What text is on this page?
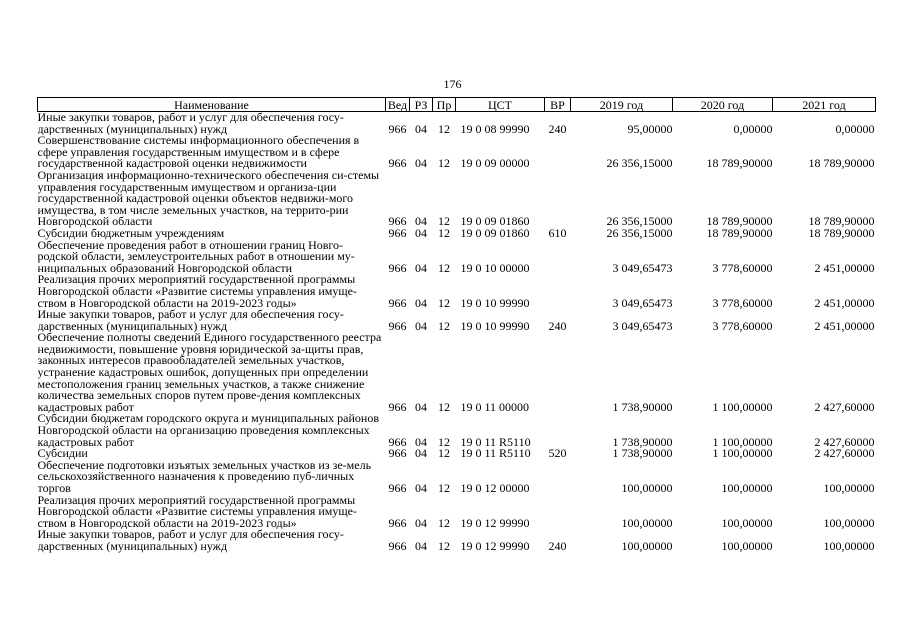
176
Наименование	Вед	РЗ	Пр	ЦСТ	ВР	2019 год	2020 год	2021 год
Иные закупки товаров, работ и услуг для обеспечения госу-дарственных (муниципальных) нужд	966	04	12	19 0 08 99990	240	95,00000	0,00000	0,00000
Совершенствование системы информационного обеспечения в сфере управления государственным имуществом и в сфере государственной кадастровой оценки недвижимости	966	04	12	19 0 09 00000		26 356,15000	18 789,90000	18 789,90000
Организация информационно-технического обеспечения си-стемы управления государственным имуществом и организа-ции государственной кадастровой оценки объектов недвижи-мого имущества, в том числе земельных участков, на террито-рии Новгородской области	966	04	12	19 0 09 01860		26 356,15000	18 789,90000	18 789,90000
Субсидии бюджетным учреждениям	966	04	12	19 0 09 01860	610	26 356,15000	18 789,90000	18 789,90000
Обеспечение проведения работ в отношении границ Новго-родской области, землеустроительных работ в отношении му-ниципальных образований Новгородской области	966	04	12	19 0 10 00000		3 049,65473	3 778,60000	2 451,00000
Реализация прочих мероприятий государственной программы Новгородской области «Развитие системы управления имуще-ством в Новгородской области на 2019-2023 годы»	966	04	12	19 0 10 99990		3 049,65473	3 778,60000	2 451,00000
Иные закупки товаров, работ и услуг для обеспечения госу-дарственных (муниципальных) нужд	966	04	12	19 0 10 99990	240	3 049,65473	3 778,60000	2 451,00000
Обеспечение полноты сведений Единого государственного реестра недвижимости, повышение уровня юридической за-щиты прав, законных интересов правообладателей земельных участков, устранение кадастровых ошибок, допущенных при определении местоположения границ земельных участков, а также снижение количества земельных споров путем прове-дения комплексных кадастровых работ	966	04	12	19 0 11 00000		1 738,90000	1 100,00000	2 427,60000
Субсидии бюджетам городского округа и муниципальных районов Новгородской области на организацию проведения комплексных кадастровых работ	966	04	12	19 0 11 R5110		1 738,90000	1 100,00000	2 427,60000
Субсидии	966	04	12	19 0 11 R5110	520	1 738,90000	1 100,00000	2 427,60000
Обеспечение подготовки изъятых земельных участков из зе-мель сельскохозяйственного назначения к проведению пуб-личных торгов	966	04	12	19 0 12 00000		100,00000	100,00000	100,00000
Реализация прочих мероприятий государственной программы Новгородской области «Развитие системы управления имуще-ством в Новгородской области на 2019-2023 годы»	966	04	12	19 0 12 99990		100,00000	100,00000	100,00000
Иные закупки товаров, работ и услуг для обеспечения госу-дарственных (муниципальных) нужд	966	04	12	19 0 12 99990	240	100,00000	100,00000	100,00000
